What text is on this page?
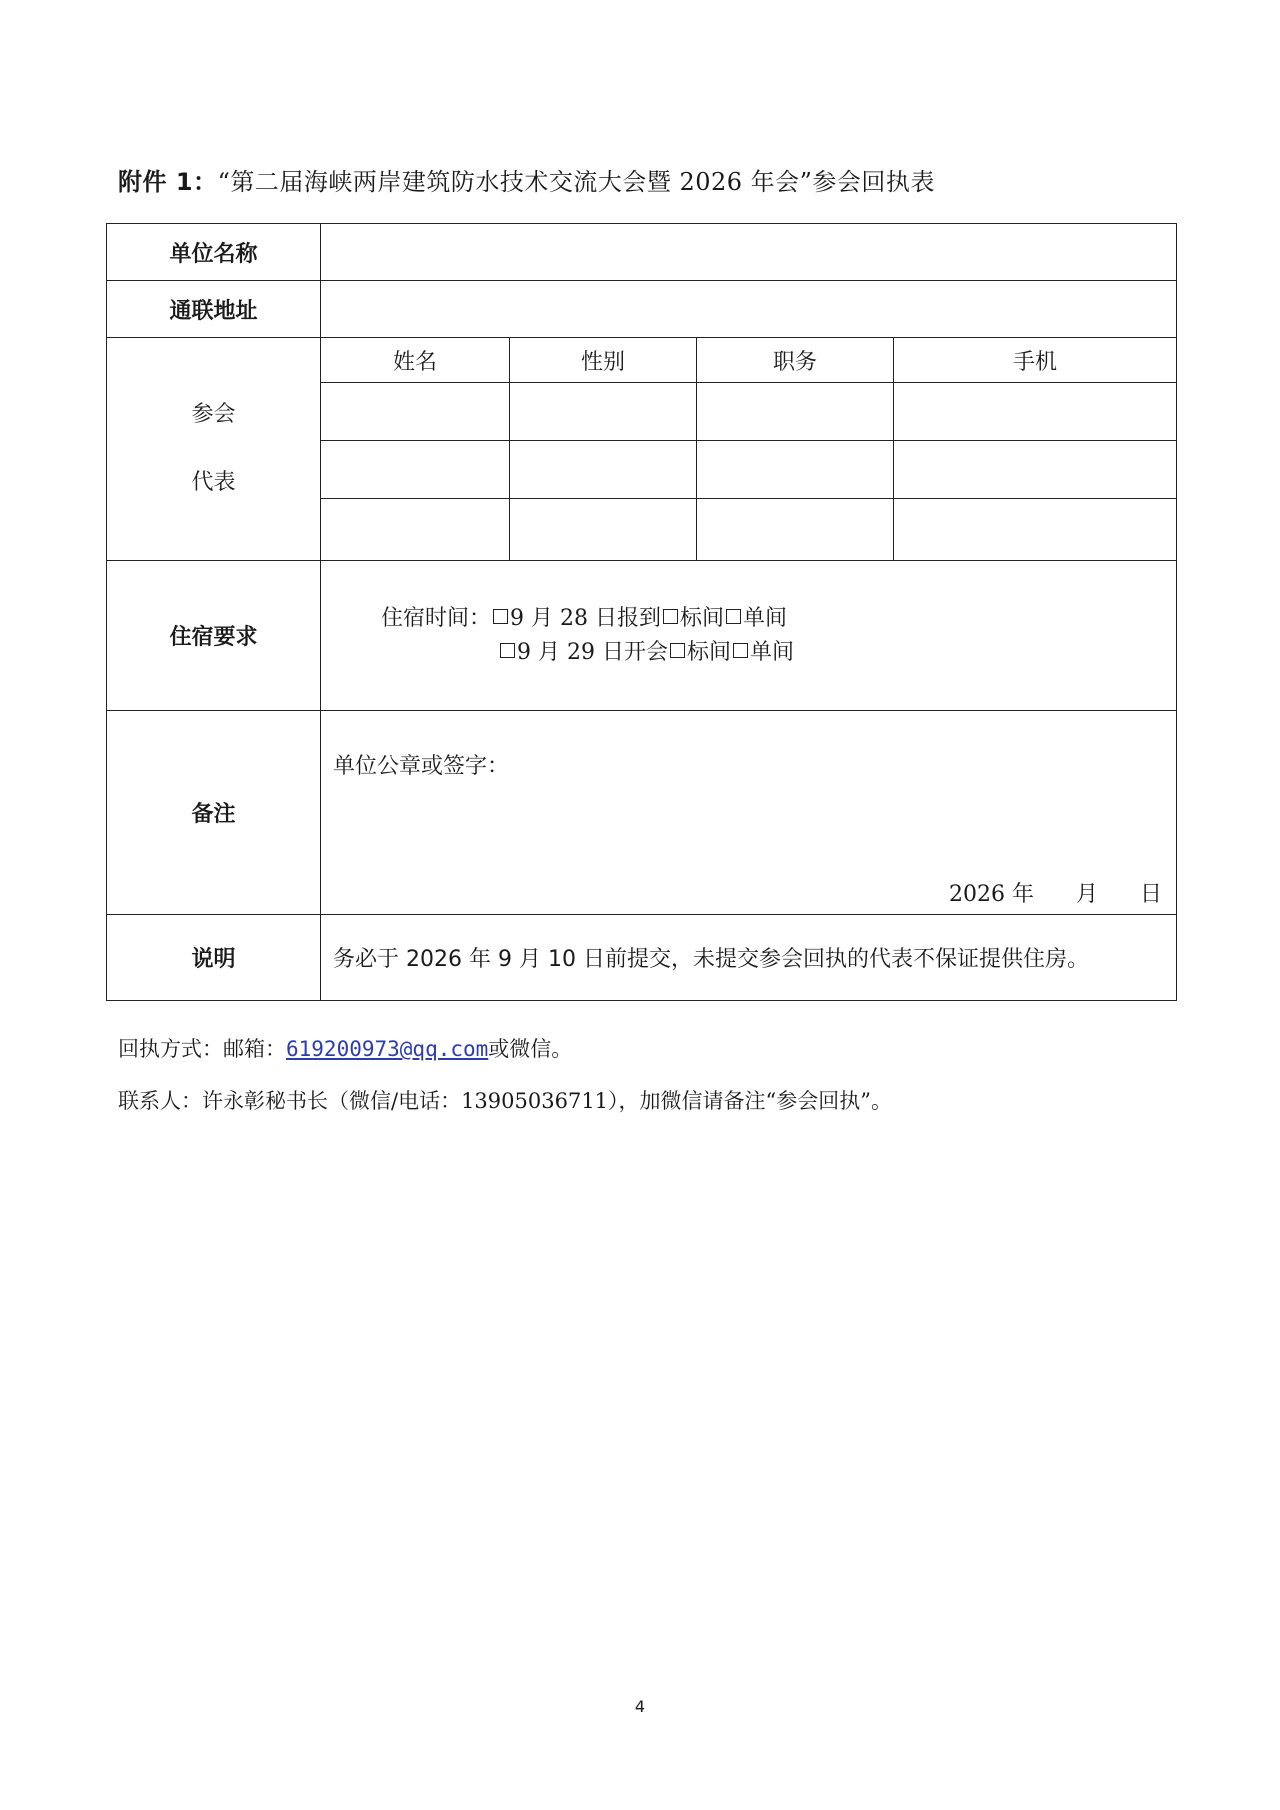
附件 1：“第二届海峡两岸建筑防水技术交流大会暨 2026 年会”参会回执表
单位名称				
通联地址				
参会
代表	姓名	性别	职务	手机

住宿要求	住宿时间： 9 月 28 日报到 标间 单间
9 月 29 日开会 标间 单间			

备注	单位公章或签字：
2026 年 月 日			

说明	务必于 2026 年 9 月 10 日前提交，未提交参会回执的代表不保证提供住房。			
回执方式：邮箱：619200973@qq.com或微信。
联系人：许永彰秘书长（微信/电话：13905036711），加微信请备注“参会回执”。
4
